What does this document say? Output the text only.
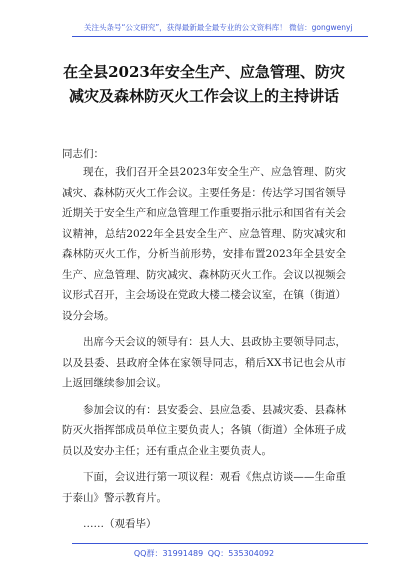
关注头条号“公文研究”，获得最新最全最专业的公文资料库！ 微信：gongwenyj
在全县2023年安全生产、应急管理、防灾减灾及森林防灭火工作会议上的主持讲话

同志们：

现在，我们召开全县2023年安全生产、应急管理、防灾减灾、森林防灭火工作会议。主要任务是：传达学习国省领导近期关于安全生产和应急管理工作重要指示批示和国省有关会议精神，总结2022年全县安全生产、应急管理、防灾减灾和森林防灭火工作，分析当前形势，安排布置2023年全县安全生产、应急管理、防灾减灾、森林防灭火工作。会议以视频会议形式召开，主会场设在党政大楼二楼会议室，在镇（街道）设分会场。

出席今天会议的领导有：县人大、县政协主要领导同志，以及县委、县政府全体在家领导同志，稍后XX书记也会从市上返回继续参加会议。

参加会议的有：县安委会、县应急委、县减灾委、县森林防灭火指挥部成员单位主要负责人；各镇（街道）全体班子成员以及安办主任；还有重点企业主要负责人。

下面，会议进行第一项议程：观看《焦点访谈——生命重于泰山》警示教育片。

……（观看毕）

QQ群：31991489 QQ：535304092
